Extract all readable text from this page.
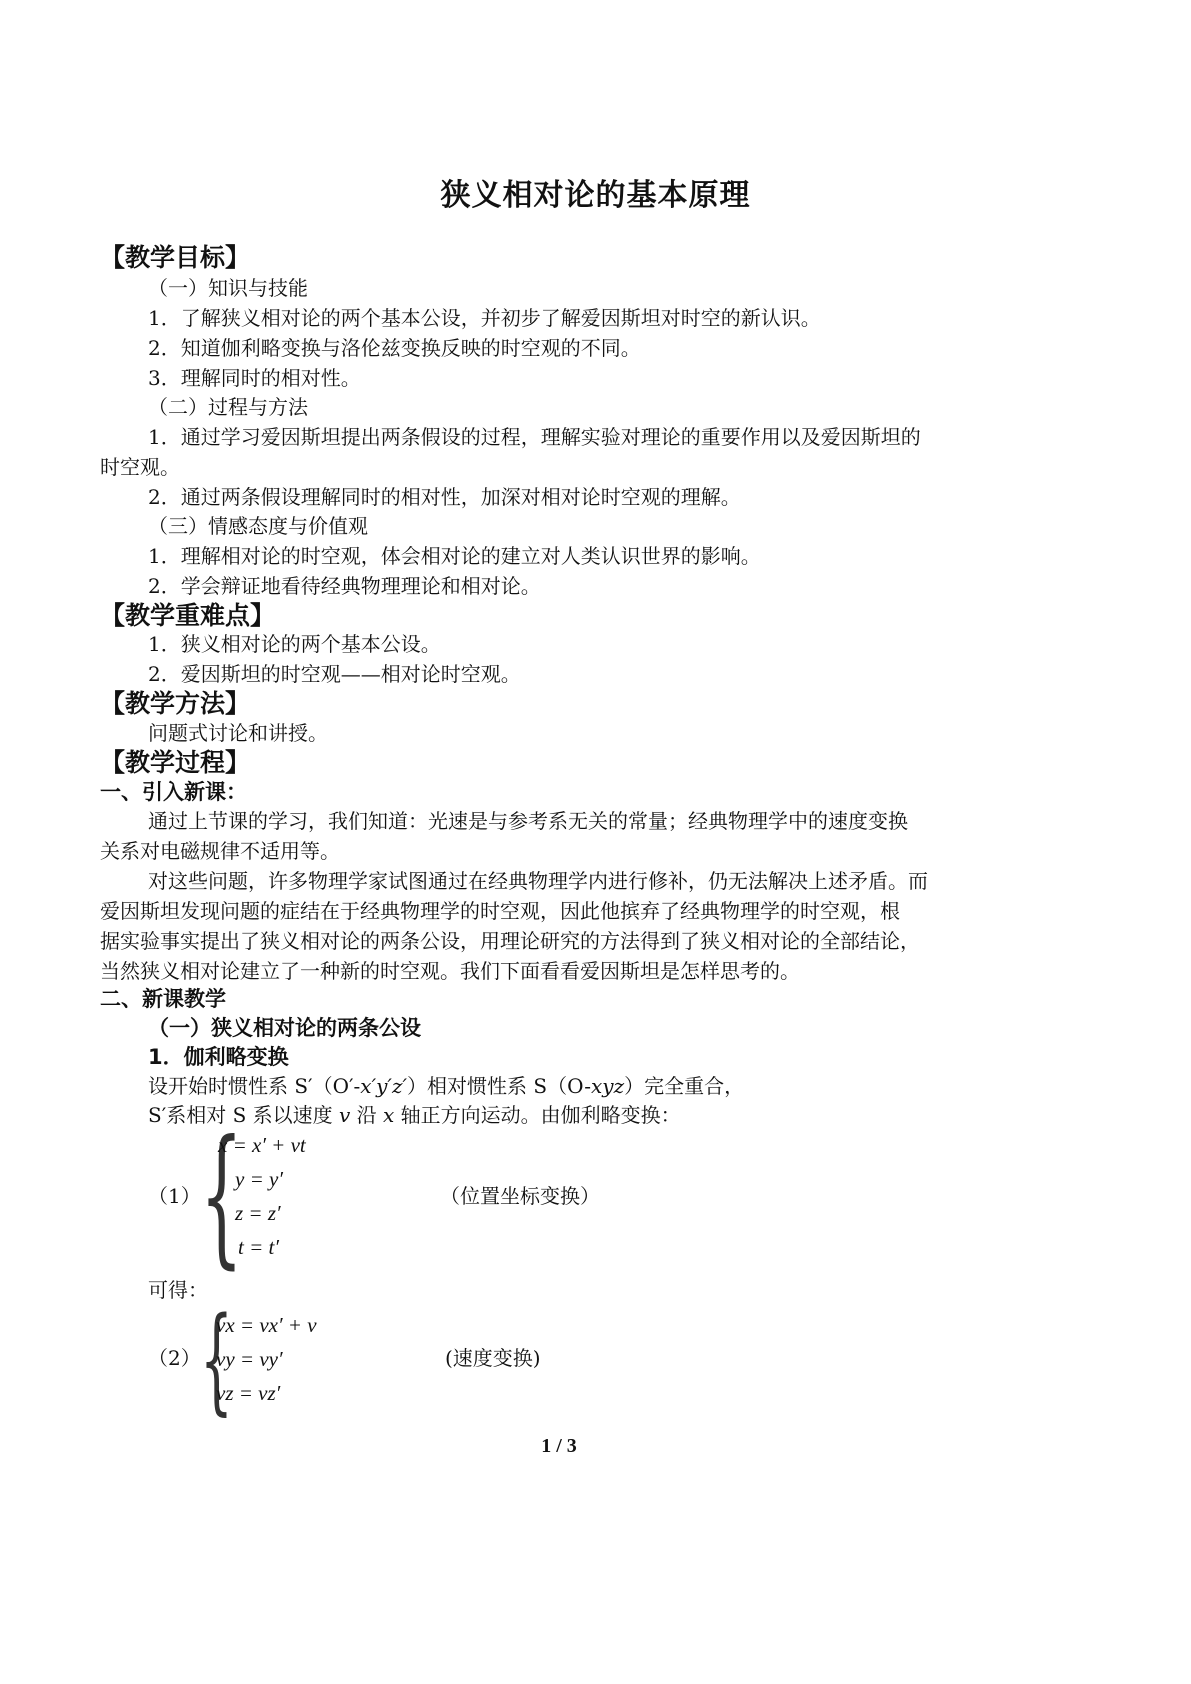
狭义相对论的基本原理
【教学目标】
（一）知识与技能
1．了解狭义相对论的两个基本公设，并初步了解爱因斯坦对时空的新认识。
2．知道伽利略变换与洛伦兹变换反映的时空观的不同。
3．理解同时的相对性。
（二）过程与方法
1．通过学习爱因斯坦提出两条假设的过程，理解实验对理论的重要作用以及爱因斯坦的
时空观。
2．通过两条假设理解同时的相对性，加深对相对论时空观的理解。
（三）情感态度与价值观
1．理解相对论的时空观，体会相对论的建立对人类认识世界的影响。
2．学会辩证地看待经典物理理论和相对论。
【教学重难点】
1．狭义相对论的两个基本公设。
2．爱因斯坦的时空观——相对论时空观。
【教学方法】
问题式讨论和讲授。
【教学过程】
一、引入新课：
通过上节课的学习，我们知道：光速是与参考系无关的常量；经典物理学中的速度变换
关系对电磁规律不适用等。
对这些问题，许多物理学家试图通过在经典物理学内进行修补，仍无法解决上述矛盾。而
爱因斯坦发现问题的症结在于经典物理学的时空观，因此他摈弃了经典物理学的时空观，根
据实验事实提出了狭义相对论的两条公设，用理论研究的方法得到了狭义相对论的全部结论，
当然狭义相对论建立了一种新的时空观。我们下面看看爱因斯坦是怎样思考的。
二、新课教学
（一）狭义相对论的两条公设
1．伽利略变换
设开始时惯性系 S′（O′-x′y′z′）相对惯性系 S（O-xyz）完全重合，
S′系相对 S 系以速度 v 沿 x 轴正方向运动。由伽利略变换：
（1） {
x = x′ + vt
y = y′
z = z′
t = t′
（位置坐标变换）
可得：
（2） {
vx = vx′ + v
vy = vy′
vz = vz′
(速度变换)
1 / 3
